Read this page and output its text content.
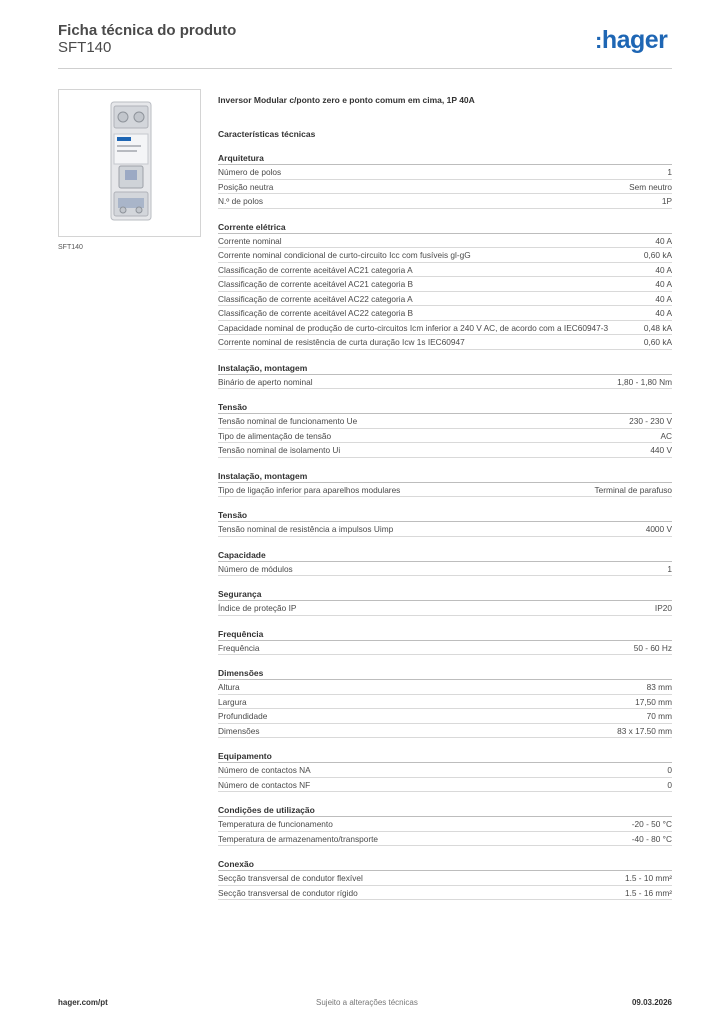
Ficha técnica do produto
SFT140	:hager
SFT140
Inversor Modular c/ponto zero e ponto comum em cima, 1P 40A
Características técnicas
Arquitetura
Número de polos	1
Posição neutra	Sem neutro
N.º de polos	1P
Corrente elétrica
Corrente nominal	40 A
Corrente nominal condicional de curto-circuito Icc com fusíveis gl-gG	0,60 kA
Classificação de corrente aceitável AC21 categoria A	40 A
Classificação de corrente aceitável AC21 categoria B	40 A
Classificação de corrente aceitável AC22 categoria A	40 A
Classificação de corrente aceitável AC22 categoria B	40 A
Capacidade nominal de produção de curto-circuitos Icm inferior a 240 V AC, de acordo com a IEC60947-3	0,48 kA
Corrente nominal de resistência de curta duração Icw 1s IEC60947	0,60 kA
Instalação, montagem
Binário de aperto nominal	1,80 - 1,80 Nm
Tensão
Tensão nominal de funcionamento Ue	230 - 230 V
Tipo de alimentação de tensão	AC
Tensão nominal de isolamento Ui	440 V
Instalação, montagem
Tipo de ligação inferior para aparelhos modulares	Terminal de parafuso
Tensão
Tensão nominal de resistência a impulsos Uimp	4000 V
Capacidade
Número de módulos	1
Segurança
Índice de proteção IP	IP20
Frequência
Frequência	50 - 60 Hz
Dimensões
Altura	83 mm
Largura	17,50 mm
Profundidade	70 mm
Dimensões	83 x 17.50 mm
Equipamento
Número de contactos NA	0
Número de contactos NF	0
Condições de utilização
Temperatura de funcionamento	-20 - 50 °C
Temperatura de armazenamento/transporte	-40 - 80 °C
Conexão
Secção transversal de condutor flexível	1.5 - 10 mm²
Secção transversal de condutor rígido	1.5 - 16 mm²
hager.com/pt	Sujeito a alterações técnicas	09.03.2026
